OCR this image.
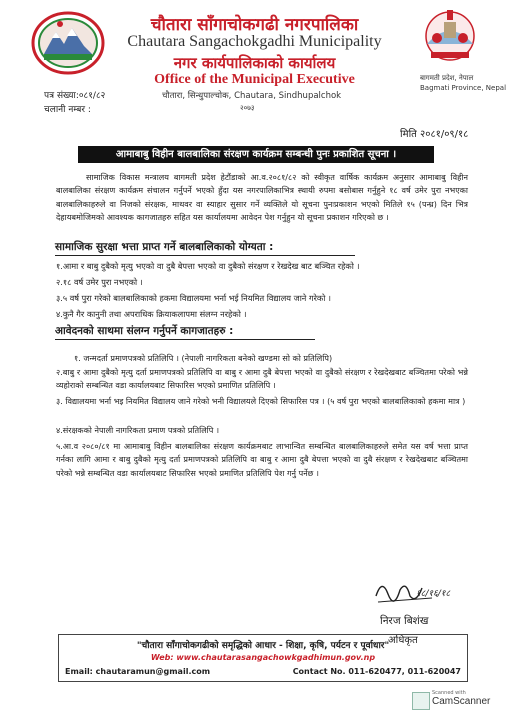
चौतारा साँगाचोकगढी नगरपालिका
Chautara Sangachokgadhi Municipality
नगर कार्यपालिकाको कार्यालय
Office of the Municipal Executive
चौतारा, सिन्धुपाल्चोक, Chautara, Sindhupalchok
२०७३
बागमती प्रदेश, नेपाल
Bagmati Province, Nepal
पत्र संख्या:०८१/८२
चलानी नम्बर :
मिति २०८१/०९/१८
आमाबाबु विहीन बालबालिका संरक्षण कार्यक्रम सम्बन्धी पुनः प्रकाशित सूचना ।
सामाजिक विकास मन्त्रालय बागमती प्रदेश हेटौंडाको आ.व.२०८१/८२ को स्वीकृत वार्षिक कार्यक्रम अनुसार आमाबाबु विहीन बालबालिका संरक्षण कार्यक्रम संचालन गर्नुपर्ने भएको हुँदा यस नगरपालिकाभित्र स्थायी रुपमा बसोबास गर्नुहुने १८ वर्ष उमेर पुरा नभएका बालबालिकाहरुले वा निजको संरक्षक, माथवर वा स्याहार सुसार गर्ने व्यक्तिले यो सूचना पुनःप्रकाशन भएको मितिले १५ (पन्ध्र) दिन भित्र देहायबमोजिमको आवश्यक कागजातहरु सहित यस कार्यालयमा आवेदन पेश गर्नुहुन यो सूचना प्रकाशन गरिएको छ ।
सामाजिक सुरक्षा भत्ता प्राप्त गर्ने बालबालिकाको योग्यता :
१.आमा र बाबु दुबैको मृत्यु भएको वा दुबै बेपत्ता भएको वा दुबैको संरक्षण र रेखदेख बाट बञ्चित रहेको ।
२.१८ वर्ष उमेर पुरा नभएको ।
३.५ वर्ष पुरा गरेको बालबालिकाको हकमा विद्यालयमा भर्ना भई नियमित विद्यालय जाने गरेको ।
४.कुनै गैर कानुनी तथा अपराधिक क्रियाकलापमा संलग्न नरहेको ।
आवेदनको साथमा संलग्न गर्नुपर्ने कागजातहरु :
१. जन्मदर्ता प्रमाणपत्रको प्रतिलिपि । (नेपाली नागरिकता बनेको खण्डमा सो को प्रतिलिपि)
२.बाबु र आमा दुबैको मृत्यु दर्ता प्रमाणपत्रको प्रतिलिपि वा बाबु र आमा दुबै बेपत्ता भएको वा दुबैको संरक्षण र रेखदेखबाट बञ्चितमा परेको भन्ने व्यहोराको सम्बन्धित वडा कार्यालयबाट सिफारिस भएको प्रमाणित प्रतिलिपि ।
३. विद्यालयमा भर्ना भइ नियमित विद्यालय जाने गरेको भनी विद्यालयले दिएको सिफारिस पत्र । (५ वर्ष पुरा भएको बालबालिकाको हकमा मात्र )
४.संरक्षकको नेपाली नागरिकता प्रमाण पत्रको प्रतिलिपि ।
५.आ.व २०८०/८१ मा आमाबाबु विहीन बालबालिका संरक्षण कार्यक्रमबाट लाभान्वित सम्बन्धित बालबालिकाहरुले समेत यस वर्ष भत्ता प्राप्त गर्नका लागि आमा र बाबु दुबैको मृत्यु दर्ता प्रमाणपत्रको प्रतिलिपि वा बाबु र आमा दुबै बेपत्ता भएको वा दुबै संरक्षण र रेखदेखबाट बञ्चितमा परेको भन्ने सम्बन्धित वडा कार्यालयबाट सिफारिस भएको प्रमाणित प्रतिलिपि पेश गर्नु पर्नेछ ।
१८/१६/१८
निरज बिशंख
अधिकृत
"चौतारा साँगाचोकगढीको समृद्धिको आधार - शिक्षा, कृषि, पर्यटन र पूर्वाधार"
Web: www.chautarasangachowkgadhimun.gov.np
Email: chautaramun@gmail.com	Contact No. 011-620477, 011-620047
Scanned with
CamScanner
